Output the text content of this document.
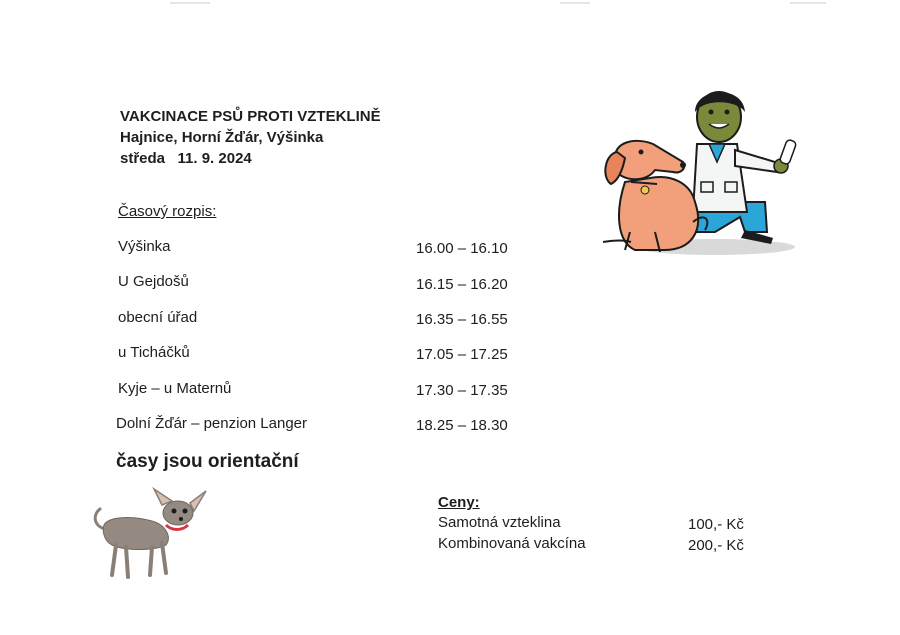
VAKCINACE PSŮ PROTI VZTEKLINĚ
Hajnice, Horní Žďár, Výšinka
středa   11. 9. 2024
Časový rozpis:
Výšinka	16.00 – 16.10
U Gejdošů	16.15 – 16.20
obecní úřad	16.35 – 16.55
u Ticháčků	17.05 – 17.25
Kyje – u Maternů	17.30 – 17.35
Dolní Žďár – penzion Langer	18.25 – 18.30
časy jsou orientační
Ceny:
Samotná vzteklina	100,- Kč
Kombinovaná vakcína	200,- Kč
